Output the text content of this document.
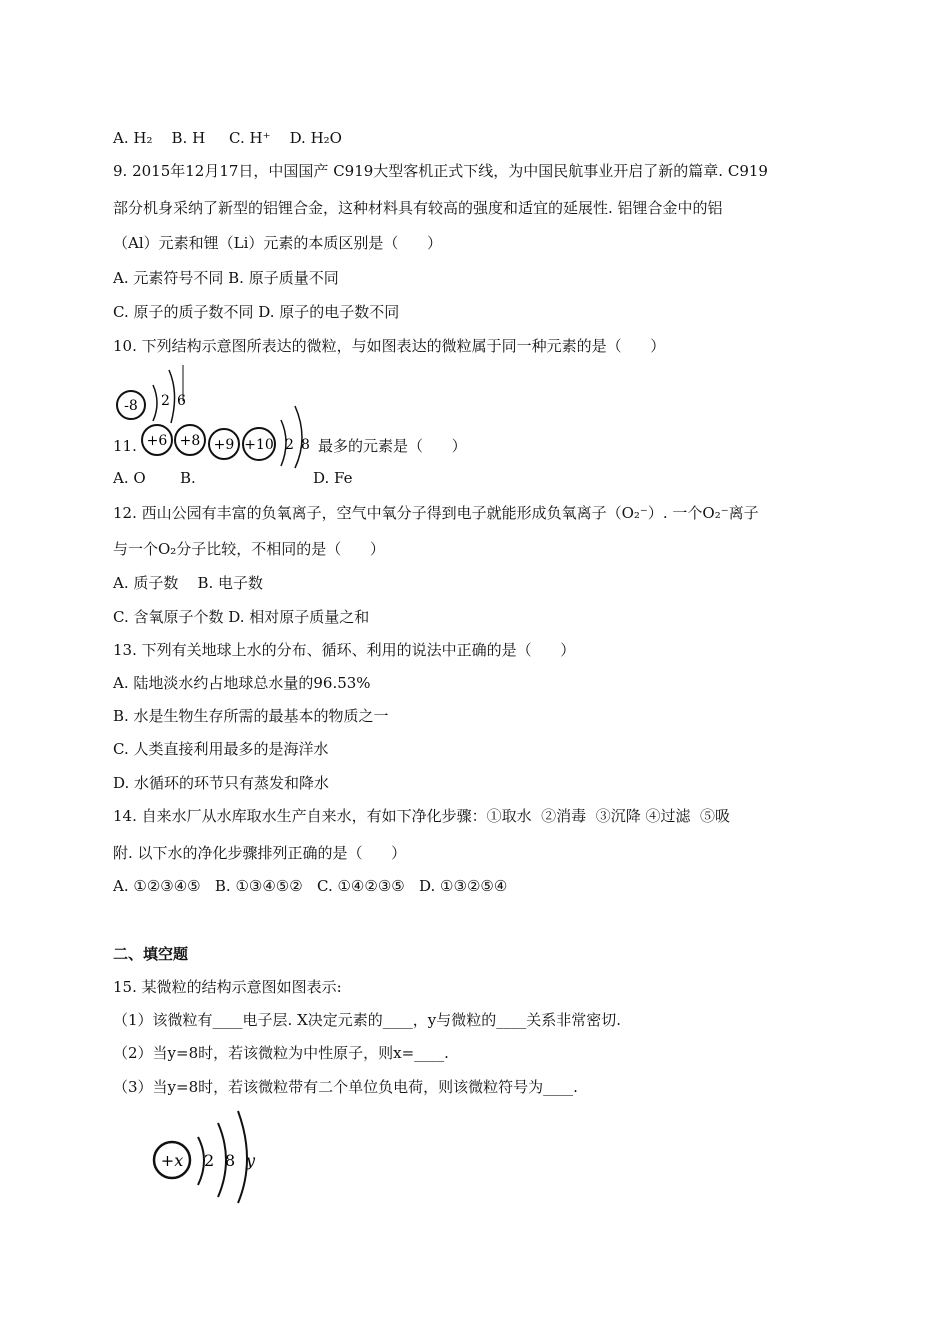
A. H₂    B. H     C. H⁺    D. H₂O
9. 2015年12月17日，中国国产 C919大型客机正式下线，为中国民航事业开启了新的篇章. C919
部分机身采纳了新型的铝锂合金，这种材料具有较高的强度和适宜的延展性. 铝锂合金中的铝
（Al）元素和锂（Li）元素的本质区别是（      ）
A. 元素符号不同 B. 原子质量不同
C. 原子的质子数不同 D. 原子的电子数不同
10. 下列结构示意图所表达的微粒，与如图表达的微粒属于同一种元素的是（      ）
-8 2 6
+6 +8 +9 +10 2 8
11.	最多的元素是（      ）
A. O B.	D. Fe
12. 西山公园有丰富的负氧离子，空气中氧分子得到电子就能形成负氧离子（O₂⁻）. 一个O₂⁻离子
与一个O₂分子比较，不相同的是（      ）
A. 质子数    B. 电子数
C. 含氧原子个数 D. 相对原子质量之和
13. 下列有关地球上水的分布、循环、利用的说法中正确的是（      ）
A. 陆地淡水约占地球总水量的96.53%
B. 水是生物生存所需的最基本的物质之一
C. 人类直接利用最多的是海洋水
D. 水循环的环节只有蒸发和降水
14. 自来水厂从水库取水生产自来水，有如下净化步骤：①取水  ②消毒  ③沉降 ④过滤  ⑤吸
附. 以下水的净化步骤排列正确的是（      ）
A. ①②③④⑤   B. ①③④⑤②   C. ①④②③⑤   D. ①③②⑤④
二、填空题
15. 某微粒的结构示意图如图表示:
（1）该微粒有____电子层. X决定元素的____，y与微粒的____关系非常密切.
（2）当y=8时，若该微粒为中性原子，则x=____.
（3）当y=8时，若该微粒带有二个单位负电荷，则该微粒符号为____.
+x 2 8 y
